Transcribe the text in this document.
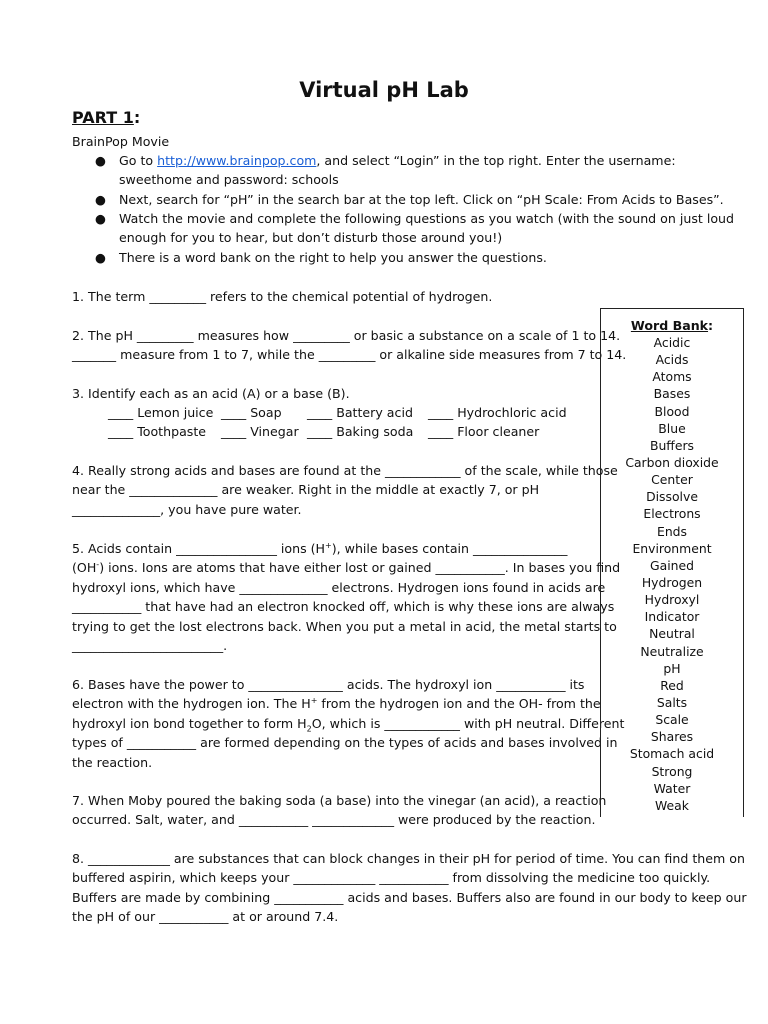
Virtual pH Lab
PART 1:
BrainPop Movie
● Go to http://www.brainpop.com, and select “Login” in the top right. Enter the username:
sweethome and password: schools
● Next, search for “pH” in the search bar at the top left. Click on “pH Scale: From Acids to Bases”.
● Watch the movie and complete the following questions as you watch (with the sound on just loud
enough for you to hear, but don’t disturb those around you!)
● There is a word bank on the right to help you answer the questions.
1. The term _________ refers to the chemical potential of hydrogen.
2. The pH _________ measures how _________ or basic a substance on a scale of 1 to 14.
_______ measure from 1 to 7, while the _________ or alkaline side measures from 7 to 14.
3. Identify each as an acid (A) or a base (B).
____ Lemon juice ____ Soap ____ Battery acid ____ Hydrochloric acid
____ Toothpaste ____ Vinegar ____ Baking soda ____ Floor cleaner
4. Really strong acids and bases are found at the ____________ of the scale, while those
near the ______________ are weaker. Right in the middle at exactly 7, or pH
______________, you have pure water.
5. Acids contain ________________ ions (H+), while bases contain _______________
(OH-) ions. Ions are atoms that have either lost or gained ___________. In bases you find
hydroxyl ions, which have ______________ electrons. Hydrogen ions found in acids are
___________ that have had an electron knocked off, which is why these ions are always
trying to get the lost electrons back. When you put a metal in acid, the metal starts to
________________________.
6. Bases have the power to _______________ acids. The hydroxyl ion ___________ its
electron with the hydrogen ion. The H+ from the hydrogen ion and the OH- from the
hydroxyl ion bond together to form $H_2O$, which is ____________ with pH neutral. Different
types of ___________ are formed depending on the types of acids and bases involved in
the reaction.
7. When Moby poured the baking soda (a base) into the vinegar (an acid), a reaction
occurred. Salt, water, and ___________ _____________ were produced by the reaction.
8. _____________ are substances that can block changes in their pH for period of time. You can find them on
buffered aspirin, which keeps your _____________ ___________ from dissolving the medicine too quickly.
Buffers are made by combining ___________ acids and bases. Buffers also are found in our body to keep our
the pH of our ___________ at or around 7.4.
Word Bank:
Acidic
Acids
Atoms
Bases
Blood
Blue
Buffers
Carbon dioxide
Center
Dissolve
Electrons
Ends
Environment
Gained
Hydrogen
Hydroxyl
Indicator
Neutral
Neutralize
pH
Red
Salts
Scale
Shares
Stomach acid
Strong
Water
Weak
